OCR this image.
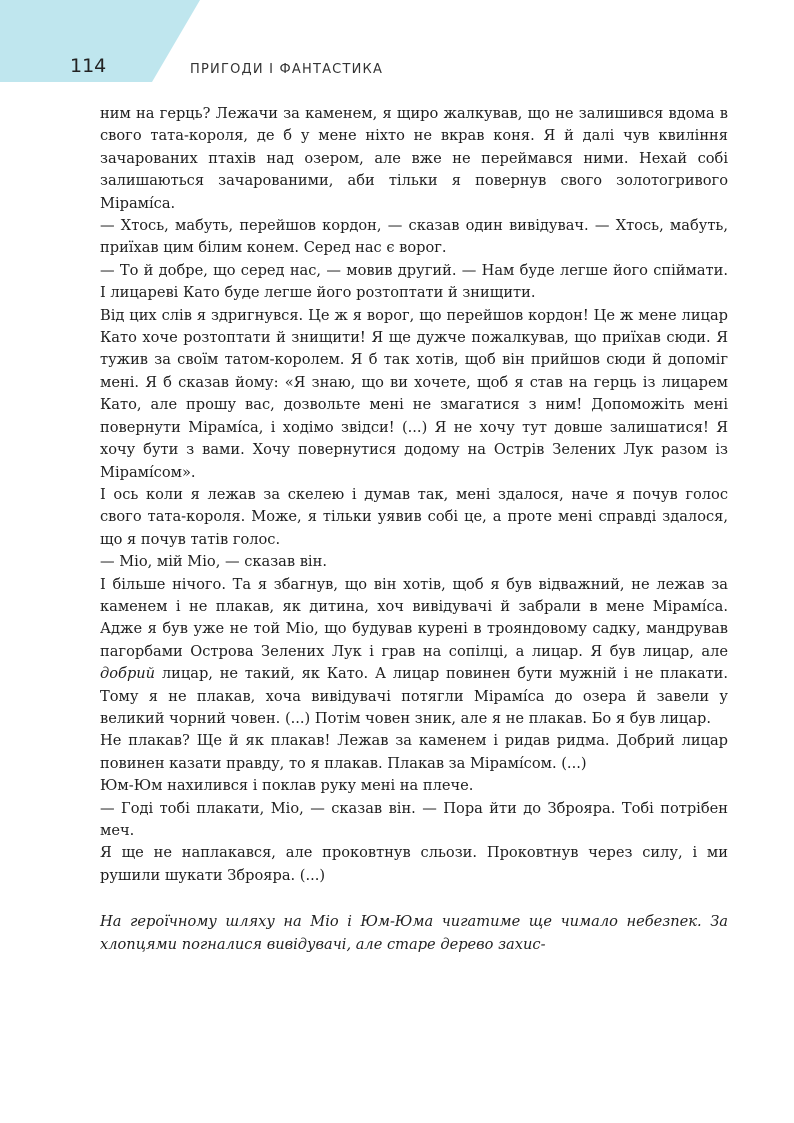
114	ПРИГОДИ І ФАНТАСТИКА

ним на герць? Лежачи за каменем, я щиро жалкував, що не залишився вдома в свого тата-короля, де б у мене ніхто не вкрав коня. Я й далі чув квиління зачарованих птахів над озером, але вже не переймався ними. Нехай собі залишаються зачарованими, аби тільки я повернув свого золотогривого Мірамíса.

— Хтось, мабуть, перейшов кордон, — сказав один вивідувач. — Хтось, мабуть, приїхав цим білим конем. Серед нас є ворог.

— То й добре, що серед нас, — мовив другий. — Нам буде легше його спіймати. І лицареві Като буде легше його розтоптати й знищити.

Від цих слів я здригнувся. Це ж я ворог, що перейшов кордон! Це ж мене лицар Като хоче розтоптати й знищити! Я ще дужче пожалкував, що приїхав сюди. Я тужив за своїм татом-королем. Я б так хотів, щоб він прийшов сюди й допоміг мені. Я б сказав йому: «Я знаю, що ви хочете, щоб я став на герць із лицарем Като, але прошу вас, дозвольте мені не змагатися з ним! Допоможіть мені повернути Мірамíса, і ходімо звідси! (...) Я не хочу тут довше залишатися! Я хочу бути з вами. Хочу повернутися додому на Острів Зелених Лук разом із Мірамíсом».

І ось коли я лежав за скелею і думав так, мені здалося, наче я почув голос свого тата-короля. Може, я тільки уявив собі це, а проте мені справді здалося, що я почув татів голос.

— Міо, мій Міо, — сказав він.

І більше нічого. Та я збагнув, що він хотів, щоб я був відважний, не лежав за каменем і не плакав, як дитина, хоч вивідувачі й забрали в мене Мірамíса. Адже я був уже не той Міо, що будував курені в трояндовому садку, мандрував пагорбами Острова Зелених Лук і грав на сопілці, а лицар. Я був лицар, але добрий лицар, не такий, як Като. А лицар повинен бути мужній і не плакати. Тому я не плакав, хоча вивідувачі потягли Мірамíса до озера й завели у великий чорний човен. (...) Потім човен зник, але я не плакав. Бо я був лицар.

Не плакав? Ще й як плакав! Лежав за каменем і ридав ридма. Добрий лицар повинен казати правду, то я плакав. Плакав за Мірамíсом. (...)

Юм-Юм нахилився і поклав руку мені на плече.

— Годі тобі плакати, Міо, — сказав він. — Пора йти до Зброяра. Тобі потрібен меч.

Я ще не наплакався, але проковтнув сльози. Проковтнув через силу, і ми рушили шукати Зброяра. (...)

На героїчному шляху на Міо і Юм-Юма чигатиме ще чимало небезпек. За хлопцями погналися вивідувачі, але старе дерево захис-
